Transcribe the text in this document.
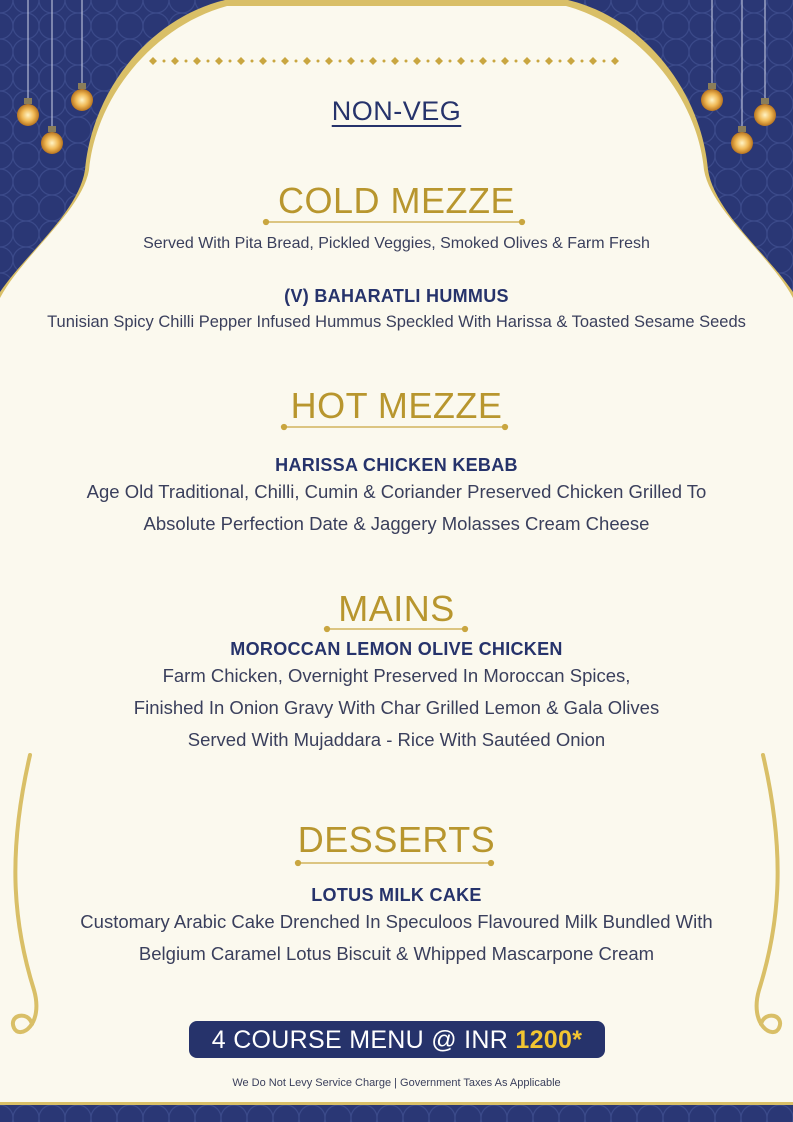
NON-VEG
COLD MEZZE
Served With Pita Bread, Pickled Veggies, Smoked Olives & Farm Fresh
(V) BAHARATLI HUMMUS
Tunisian Spicy Chilli Pepper Infused Hummus Speckled With Harissa & Toasted Sesame Seeds
HOT MEZZE
HARISSA CHICKEN KEBAB
Age Old Traditional, Chilli, Cumin & Coriander Preserved Chicken Grilled To
Absolute Perfection Date & Jaggery Molasses Cream Cheese
MAINS
MOROCCAN LEMON OLIVE CHICKEN
Farm Chicken, Overnight Preserved In Moroccan Spices,
Finished In Onion Gravy With Char Grilled Lemon & Gala Olives
Served With Mujaddara - Rice With Sautéed Onion
DESSERTS
LOTUS MILK CAKE
Customary Arabic Cake Drenched In Speculoos Flavoured Milk Bundled With
Belgium Caramel Lotus Biscuit & Whipped Mascarpone Cream
4 COURSE MENU @ INR 1200*
We Do Not Levy Service Charge | Government Taxes As Applicable
